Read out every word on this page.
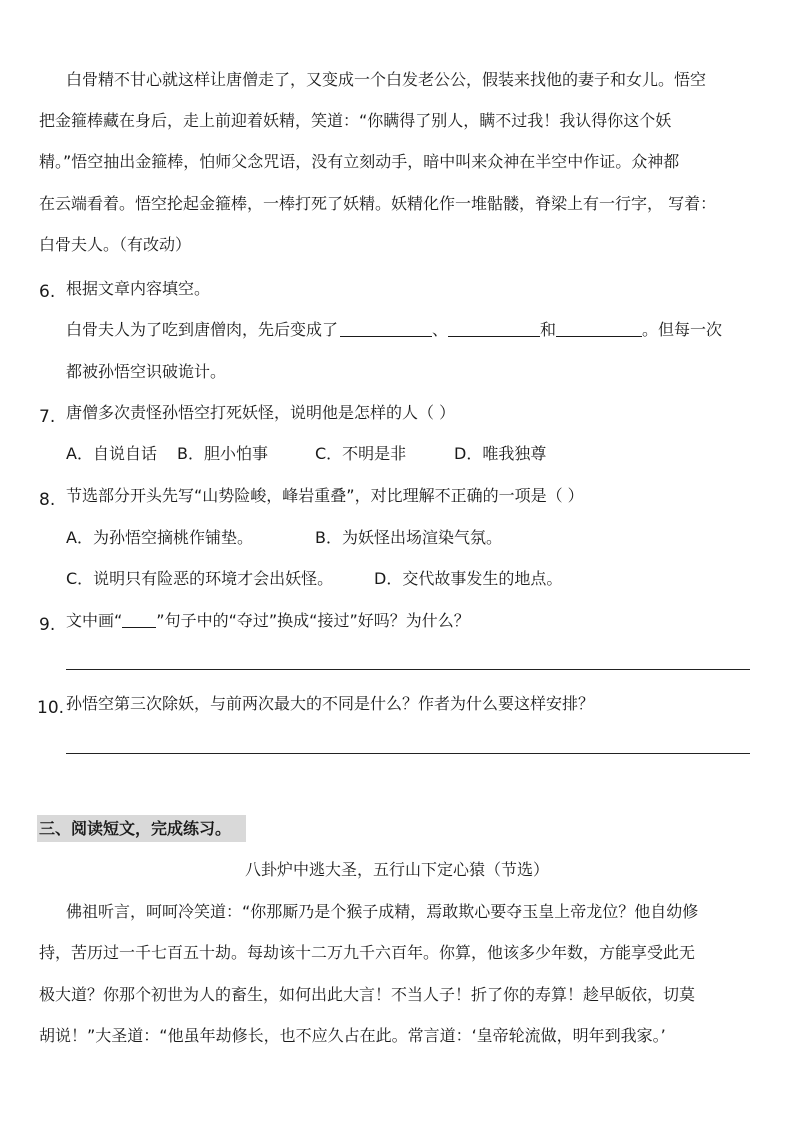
白骨精不甘心就这样让唐僧走了，又变成一个白发老公公，假装来找他的妻子和女儿。悟空
把金箍棒藏在身后，走上前迎着妖精，笑道：“你瞒得了别人，瞒不过我！我认得你这个妖
精。”悟空抽出金箍棒，怕师父念咒语，没有立刻动手，暗中叫来众神在半空中作证。众神都
在云端看着。悟空抡起金箍棒，一棒打死了妖精。妖精化作一堆骷髅，脊梁上有一行字， 写着：
白骨夫人。（有改动）
6. 根据文章内容填空。
白骨夫人为了吃到唐僧肉，先后变成了	、	和	。但每一次
都被孙悟空识破诡计。
7. 唐僧多次责怪孙悟空打死妖怪，说明他是怎样的人（ ）
A．自说自话 B．胆小怕事	C．不明是非	D．唯我独尊
8. 节选部分开头先写“山势险峻，峰岩重叠”，对比理解不正确的一项是（ ）
A．为孙悟空摘桃作铺垫。	B．为妖怪出场渲染气氛。
C．说明只有险恶的环境才会出妖怪。	D．交代故事发生的地点。
9. 文中画“ ”句子中的“夺过”换成“接过”好吗？为什么？
10. 孙悟空第三次除妖，与前两次最大的不同是什么？作者为什么要这样安排？
三、阅读短文，完成练习。
八卦炉中逃大圣，五行山下定心猿（节选）
佛祖听言，呵呵冷笑道：“你那厮乃是个猴子成精，焉敢欺心要夺玉皇上帝龙位？他自幼修
持，苦历过一千七百五十劫。每劫该十二万九千六百年。你算，他该多少年数，方能享受此无
极大道？你那个初世为人的畜生，如何出此大言！不当人子！折了你的寿算！趁早皈依，切莫
胡说！”大圣道：“他虽年劫修长，也不应久占在此。常言道：‘皇帝轮流做，明年到我家。’
